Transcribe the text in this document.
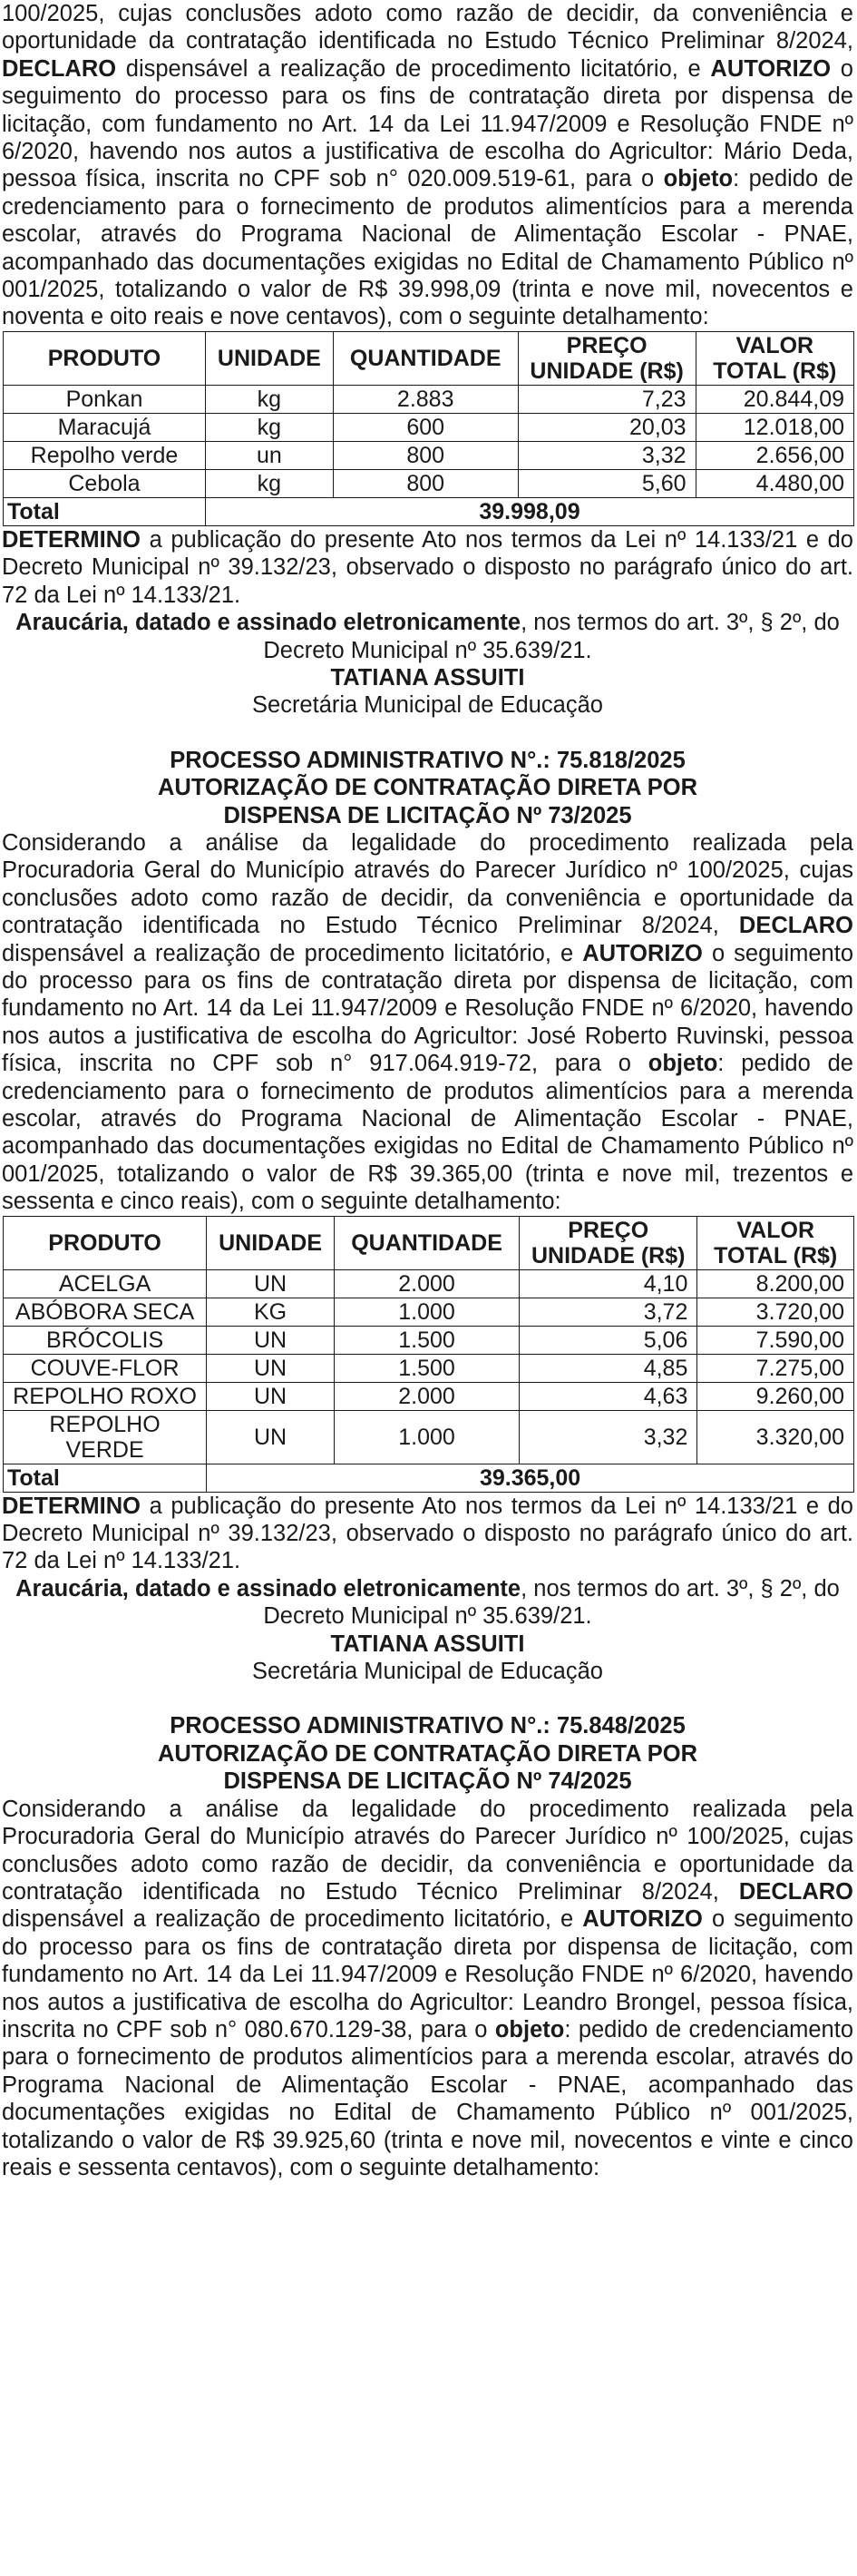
100/2025, cujas conclusões adoto como razão de decidir, da conveniência e oportunidade da contratação identificada no Estudo Técnico Preliminar 8/2024, DECLARO dispensável a realização de procedimento licitatório, e AUTORIZO o seguimento do processo para os fins de contratação direta por dispensa de licitação, com fundamento no Art. 14 da Lei 11.947/2009 e Resolução FNDE nº 6/2020, havendo nos autos a justificativa de escolha do Agricultor: Mário Deda, pessoa física, inscrita no CPF sob n° 020.009.519-61, para o objeto: pedido de credenciamento para o fornecimento de produtos alimentícios para a merenda escolar, através do Programa Nacional de Alimentação Escolar - PNAE, acompanhado das documentações exigidas no Edital de Chamamento Público nº 001/2025, totalizando o valor de R$ 39.998,09 (trinta e nove mil, novecentos e noventa e oito reais e nove centavos), com o seguinte detalhamento:

PRODUTO	UNIDADE	QUANTIDADE	PREÇO UNIDADE (R$)	VALOR TOTAL (R$)
Ponkan	kg	2.883	7,23	20.844,09
Maracujá	kg	600	20,03	12.018,00
Repolho verde	un	800	3,32	2.656,00
Cebola	kg	800	5,60	4.480,00
Total	39.998,09			

DETERMINO a publicação do presente Ato nos termos da Lei nº 14.133/21 e do Decreto Municipal nº 39.132/23, observado o disposto no parágrafo único do art. 72 da Lei nº 14.133/21.

Araucária, datado e assinado eletronicamente, nos termos do art. 3º, § 2º, do Decreto Municipal nº 35.639/21.

TATIANA ASSUITI

Secretária Municipal de Educação

PROCESSO ADMINISTRATIVO N°.: 75.818/2025

AUTORIZAÇÃO DE CONTRATAÇÃO DIRETA POR

DISPENSA DE LICITAÇÃO Nº 73/2025

Considerando a análise da legalidade do procedimento realizada pela Procuradoria Geral do Município através do Parecer Jurídico nº 100/2025, cujas conclusões adoto como razão de decidir, da conveniência e oportunidade da contratação identificada no Estudo Técnico Preliminar 8/2024, DECLARO dispensável a realização de procedimento licitatório, e AUTORIZO o seguimento do processo para os fins de contratação direta por dispensa de licitação, com fundamento no Art. 14 da Lei 11.947/2009 e Resolução FNDE nº 6/2020, havendo nos autos a justificativa de escolha do Agricultor: José Roberto Ruvinski, pessoa física, inscrita no CPF sob n° 917.064.919-72, para o objeto: pedido de credenciamento para o fornecimento de produtos alimentícios para a merenda escolar, através do Programa Nacional de Alimentação Escolar - PNAE, acompanhado das documentações exigidas no Edital de Chamamento Público nº 001/2025, totalizando o valor de R$ 39.365,00 (trinta e nove mil, trezentos e sessenta e cinco reais), com o seguinte detalhamento:

PRODUTO	UNIDADE	QUANTIDADE	PREÇO UNIDADE (R$)	VALOR TOTAL (R$)
ACELGA	UN	2.000	4,10	8.200,00
ABÓBORA SECA	KG	1.000	3,72	3.720,00
BRÓCOLIS	UN	1.500	5,06	7.590,00
COUVE-FLOR	UN	1.500	4,85	7.275,00
REPOLHO ROXO	UN	2.000	4,63	9.260,00
REPOLHO VERDE	UN	1.000	3,32	3.320,00
Total	39.365,00			

DETERMINO a publicação do presente Ato nos termos da Lei nº 14.133/21 e do Decreto Municipal nº 39.132/23, observado o disposto no parágrafo único do art. 72 da Lei nº 14.133/21.

Araucária, datado e assinado eletronicamente, nos termos do art. 3º, § 2º, do Decreto Municipal nº 35.639/21.

TATIANA ASSUITI

Secretária Municipal de Educação

PROCESSO ADMINISTRATIVO N°.: 75.848/2025

AUTORIZAÇÃO DE CONTRATAÇÃO DIRETA POR

DISPENSA DE LICITAÇÃO Nº 74/2025

Considerando a análise da legalidade do procedimento realizada pela Procuradoria Geral do Município através do Parecer Jurídico nº 100/2025, cujas conclusões adoto como razão de decidir, da conveniência e oportunidade da contratação identificada no Estudo Técnico Preliminar 8/2024, DECLARO dispensável a realização de procedimento licitatório, e AUTORIZO o seguimento do processo para os fins de contratação direta por dispensa de licitação, com fundamento no Art. 14 da Lei 11.947/2009 e Resolução FNDE nº 6/2020, havendo nos autos a justificativa de escolha do Agricultor: Leandro Brongel, pessoa física, inscrita no CPF sob n° 080.670.129-38, para o objeto: pedido de credenciamento para o fornecimento de produtos alimentícios para a merenda escolar, através do Programa Nacional de Alimentação Escolar - PNAE, acompanhado das documentações exigidas no Edital de Chamamento Público nº 001/2025, totalizando o valor de R$ 39.925,60 (trinta e nove mil, novecentos e vinte e cinco reais e sessenta centavos), com o seguinte detalhamento:
